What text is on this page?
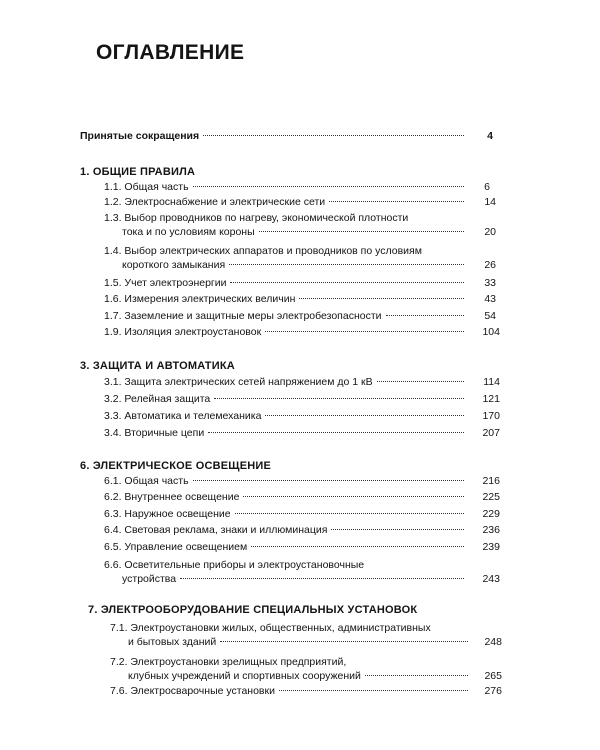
ОГЛАВЛЕНИЕ
Принятые сокращения	4
1. ОБЩИЕ ПРАВИЛА
1.1. Общая часть	6
1.2. Электроснабжение и электрические сети	14
1.3. Выбор проводников по нагреву, экономической плотности
тока и по условиям короны	20
1.4. Выбор электрических аппаратов и проводников по условиям
короткого замыкания	26
1.5. Учет электроэнергии	33
1.6. Измерения электрических величин	43
1.7. Заземление и защитные меры электробезопасности	54
1.9. Изоляция электроустановок	104
3. ЗАЩИТА И АВТОМАТИКА
3.1. Защита электрических сетей напряжением до 1 кВ	114
3.2. Релейная защита	121
3.3. Автоматика и телемеханика	170
3.4. Вторичные цепи	207
6. ЭЛЕКТРИЧЕСКОЕ ОСВЕЩЕНИЕ
6.1. Общая часть	216
6.2. Внутреннее освещение	225
6.3. Наружное освещение	229
6.4. Световая реклама, знаки и иллюминация	236
6.5. Управление освещением	239
6.6. Осветительные приборы и электроустановочные
устройства	243
7. ЭЛЕКТРООБОРУДОВАНИЕ СПЕЦИАЛЬНЫХ УСТАНОВОК
7.1. Электроустановки жилых, общественных, административных
и бытовых зданий	248
7.2. Электроустановки зрелищных предприятий,
клубных учреждений и спортивных сооружений	265
7.6. Электросварочные установки	276
